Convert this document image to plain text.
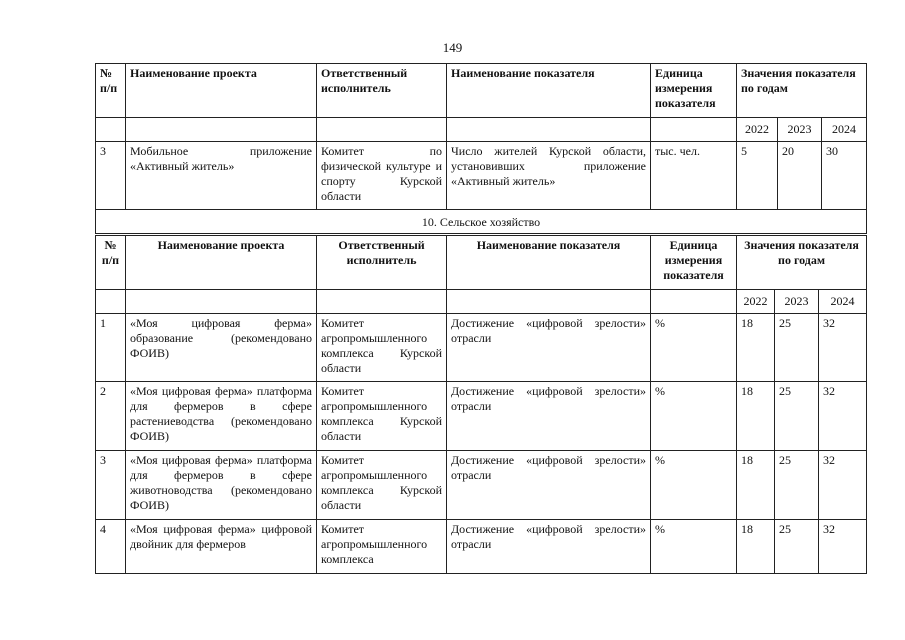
149
№ п/п	Наименование проекта	Ответственный исполнитель	Наименование показателя	Единица измерения показателя	Значения показателя по годам		
					2022	2023	2024
3	Мобильное приложение «Активный житель»	Комитет по физической культуре и спорту Курской области	Число жителей Курской области, установивших приложение «Активный житель»	тыс. чел.	5	20	30
10. Сельское хозяйство							
№ п/п	Наименование проекта	Ответственный исполнитель	Наименование показателя	Единица измерения показателя	Значения показателя по годам		
					2022	2023	2024
1	«Моя цифровая ферма» образование (рекомендовано ФОИВ)	Комитет агропромышленного комплекса Курской области	Достижение «цифровой зрелости» отрасли	%	18	25	32
2	«Моя цифровая ферма» платформа для фермеров в сфере растениеводства (рекомендовано ФОИВ)	Комитет агропромышленного комплекса Курской области	Достижение «цифровой зрелости» отрасли	%	18	25	32
3	«Моя цифровая ферма» платформа для фермеров в сфере животноводства (рекомендовано ФОИВ)	Комитет агропромышленного комплекса Курской области	Достижение «цифровой зрелости» отрасли	%	18	25	32
4	«Моя цифровая ферма» цифровой двойник для фермеров	Комитет агропромышленного комплекса	Достижение «цифровой зрелости» отрасли	%	18	25	32
